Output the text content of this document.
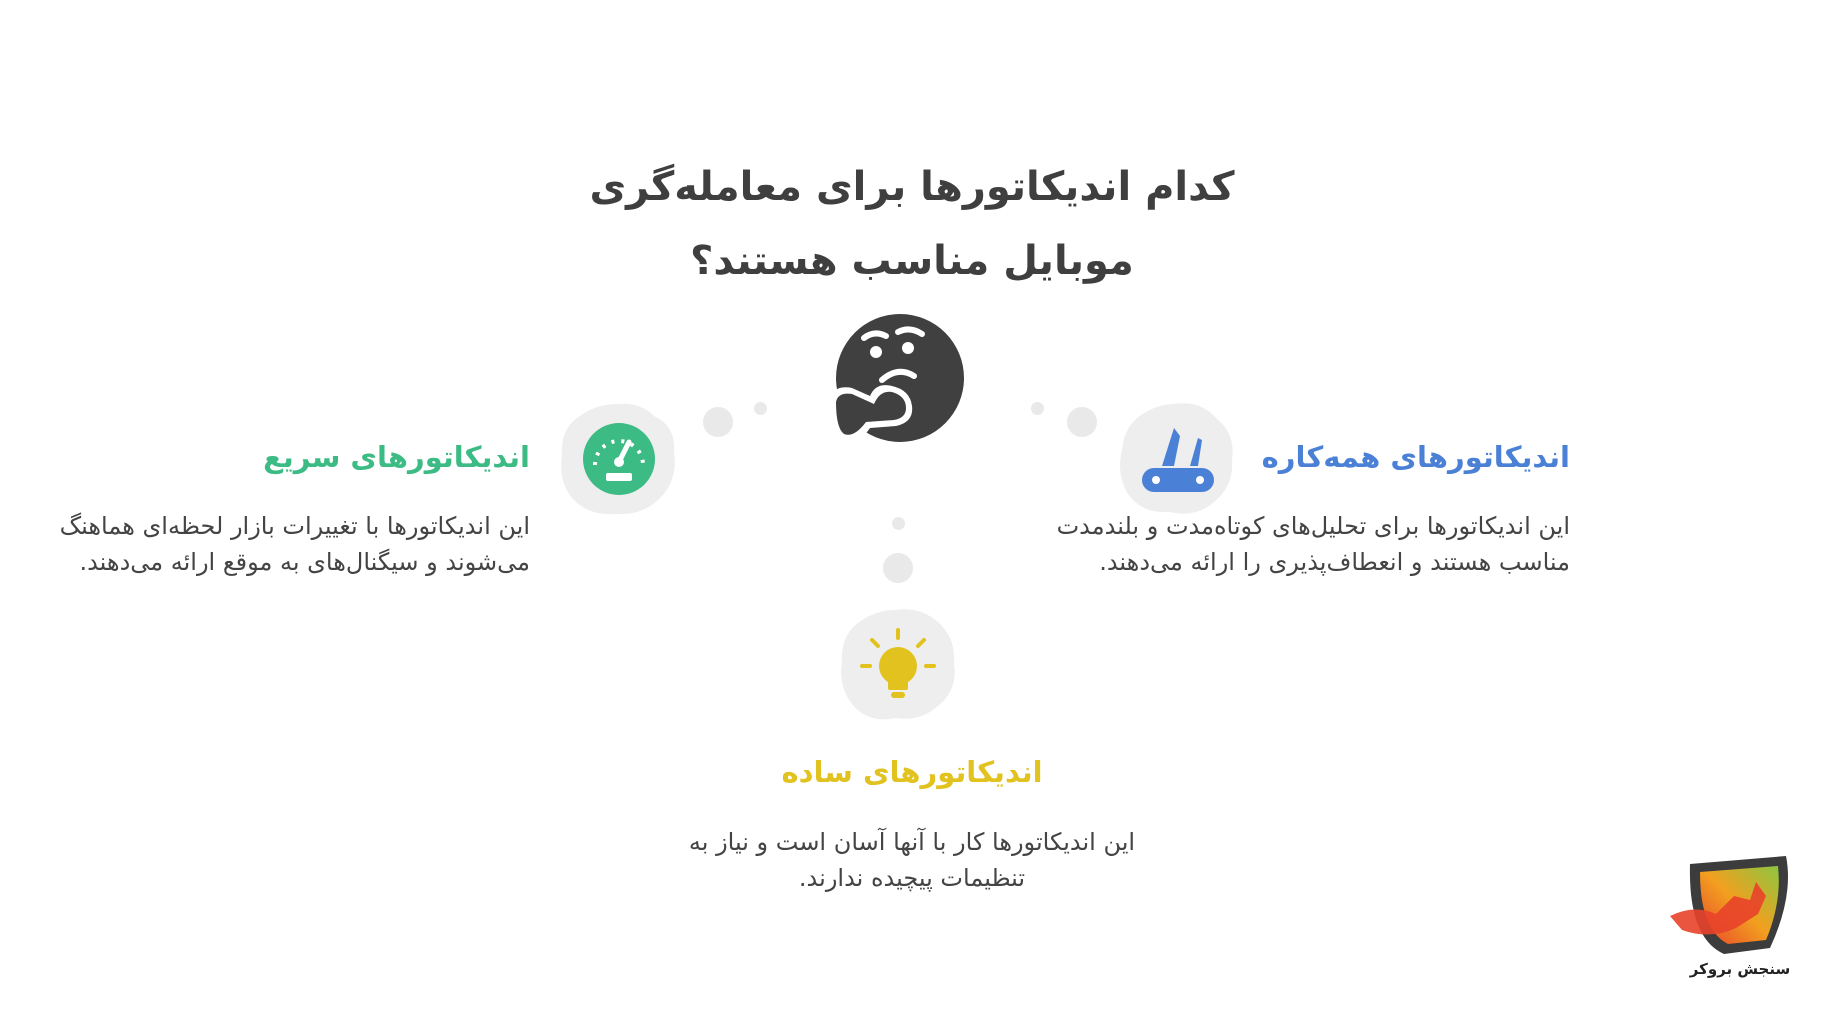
کدام اندیکاتورها برای معامله‌گری
موبایل مناسب هستند؟
اندیکاتورهای سریع
این اندیکاتورها با تغییرات بازار لحظه‌ای هماهنگ
می‌شوند و سیگنال‌های به موقع ارائه می‌دهند.
اندیکاتورهای همه‌کاره
این اندیکاتورها برای تحلیل‌های کوتاه‌مدت و بلندمدت
مناسب هستند و انعطاف‌پذیری را ارائه می‌دهند.
اندیکاتورهای ساده
این اندیکاتورها کار با آنها آسان است و نیاز به
تنظیمات پیچیده ندارند.
سنجش بروکر
